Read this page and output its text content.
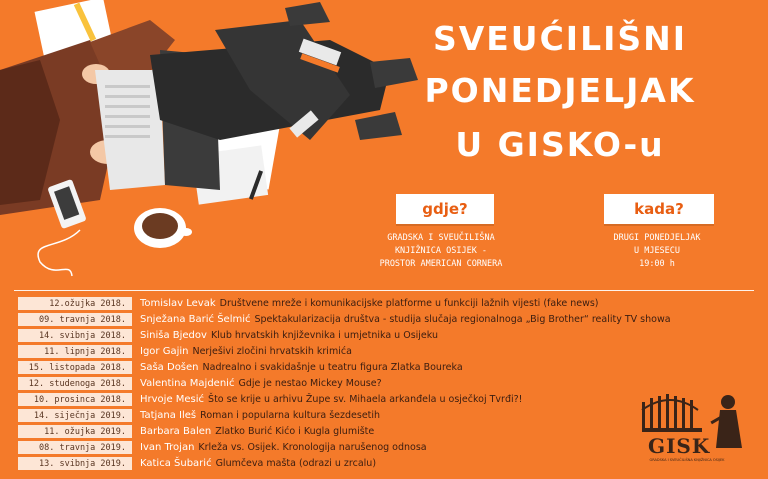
SVEUĆILIŠNI
PONEDJELJAK
U GISKO-u
gdje?	kada?
GRADSKA I SVEUČILIŠNA
KNJIŽNICA OSIJEK -
PROSTOR AMERICAN CORNERA
DRUGI PONEDJELJAK
U MJESECU
19:00 h
12.ožujka 2018.	Tomislav Levak Društvene mreže i komunikacijske platforme u funkciji lažnih vijesti (fake news)
09. travnja 2018.	Snježana Barić Šelmić Spektakularizacija društva - studija slučaja regionalnoga „Big Brother“ reality TV showa
14. svibnja 2018.	Siniša Bjedov Klub hrvatskih književnika i umjetnika u Osijeku
11. lipnja 2018.	Igor Gajin Nerješivi zločini hrvatskih krimića
15. listopada 2018.	Saša Došen Nadrealno i svakidašnje u teatru figura Zlatka Boureka
12. studenoga 2018.	Valentina Majdenić Gdje je nestao Mickey Mouse?
10. prosinca 2018.	Hrvoje Mesić Što se krije u arhivu Župe sv. Mihaela arkanđela u osječkoj Tvrđi?!
14. siječnja 2019.	Tatjana Ileš Roman i popularna kultura šezdesetih
11. ožujka 2019.	Barbara Balen Zlatko Burić Kićo i Kugla glumište
08. travnja 2019.	Ivan Trojan Krleža vs. Osijek. Kronologija narušenog odnosa
13. svibnja 2019.	Katica Šubarić Glumčeva mašta (odrazi u zrcalu)
GISK
GRADSKA I SVEUČILIŠNA KNJIŽNICA OSIJEK
